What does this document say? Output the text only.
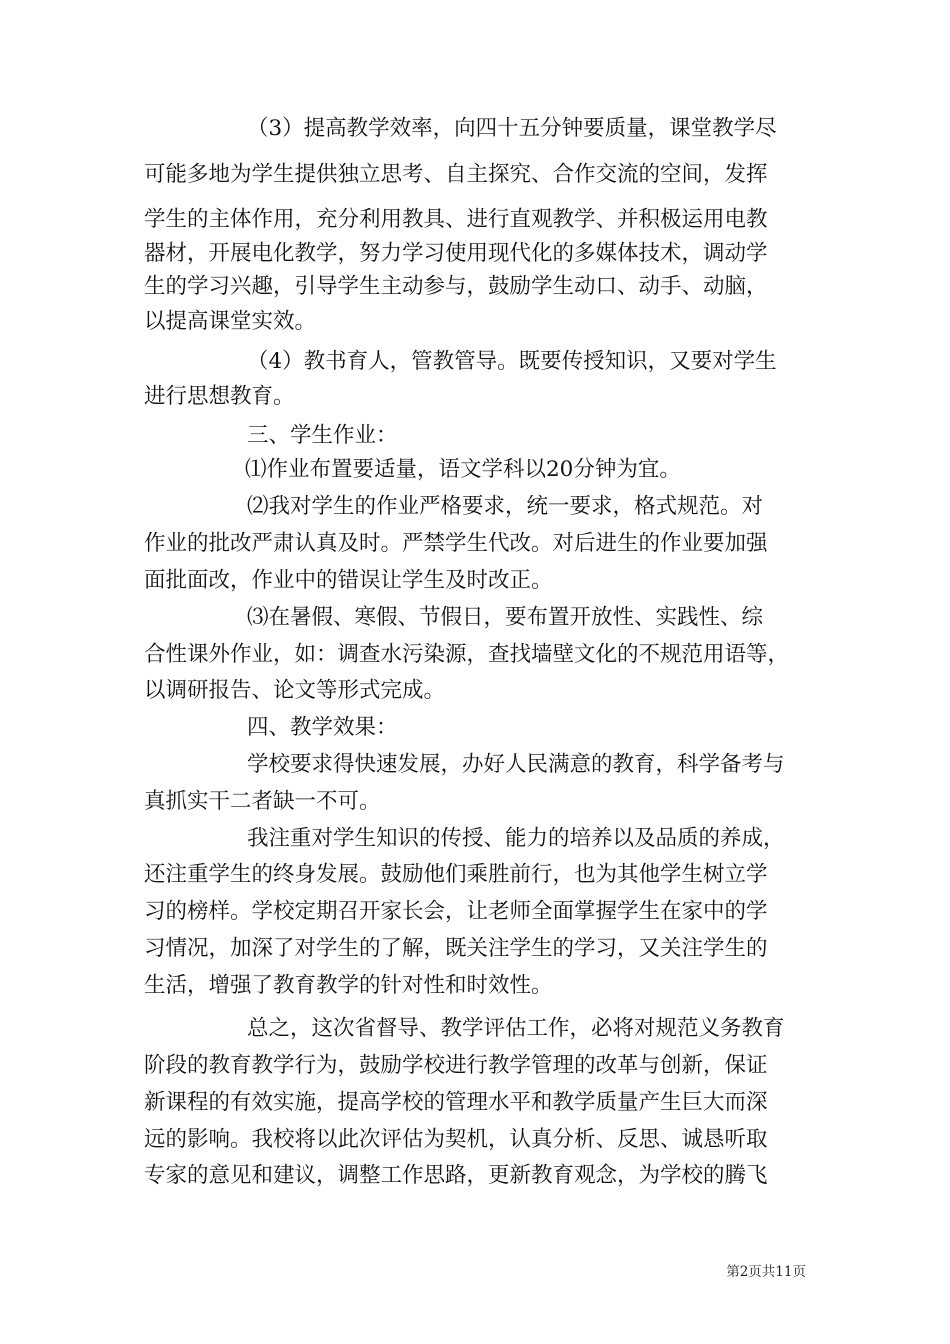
（3）提高教学效率，向四十五分钟要质量，课堂教学尽
可能多地为学生提供独立思考、自主探究、合作交流的空间，发挥
学生的主体作用，充分利用教具、进行直观教学、并积极运用电教
器材，开展电化教学，努力学习使用现代化的多媒体技术，调动学
生的学习兴趣，引导学生主动参与，鼓励学生动口、动手、动脑，
以提高课堂实效。
（4）教书育人，管教管导。既要传授知识，又要对学生
进行思想教育。
三、学生作业：
⑴作业布置要适量，语文学科以20分钟为宜。
⑵我对学生的作业严格要求，统一要求，格式规范。对
作业的批改严肃认真及时。严禁学生代改。对后进生的作业要加强
面批面改，作业中的错误让学生及时改正。
⑶在暑假、寒假、节假日，要布置开放性、实践性、综
合性课外作业，如：调查水污染源，查找墙壁文化的不规范用语等，
以调研报告、论文等形式完成。
四、教学效果：
学校要求得快速发展，办好人民满意的教育，科学备考与
真抓实干二者缺一不可。
我注重对学生知识的传授、能力的培养以及品质的养成，
还注重学生的终身发展。鼓励他们乘胜前行，也为其他学生树立学
习的榜样。学校定期召开家长会，让老师全面掌握学生在家中的学
习情况，加深了对学生的了解，既关注学生的学习，又关注学生的
生活，增强了教育教学的针对性和时效性。
总之，这次省督导、教学评估工作，必将对规范义务教育
阶段的教育教学行为，鼓励学校进行教学管理的改革与创新，保证
新课程的有效实施，提高学校的管理水平和教学质量产生巨大而深
远的影响。我校将以此次评估为契机，认真分析、反思、诚恳听取
专家的意见和建议，调整工作思路，更新教育观念，为学校的腾飞
第2页共11页
